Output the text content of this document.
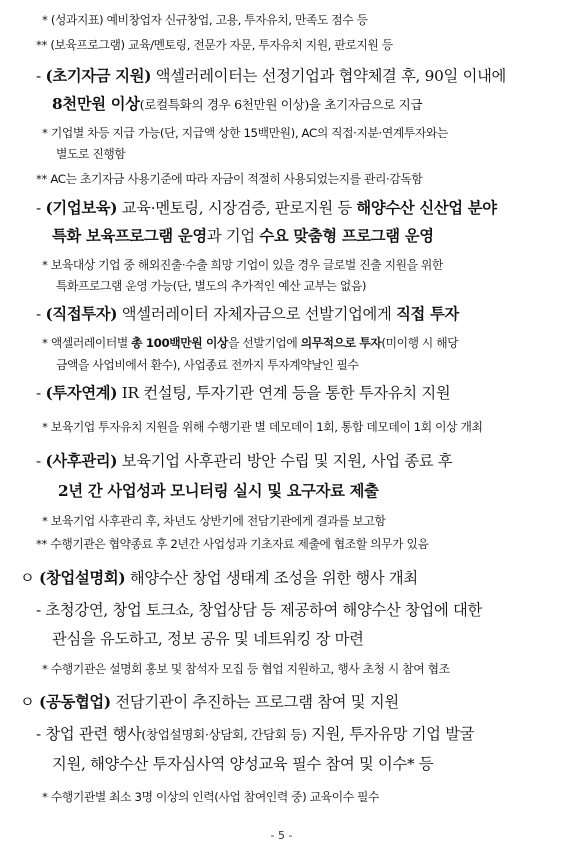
* (성과지표) 예비창업자 신규창업, 고용, 투자유치, 만족도 점수 등
** (보육프로그램) 교육/멘토링, 전문가 자문, 투자유치 지원, 판로지원 등
- (초기자금 지원) 액셀러레이터는 선정기업과 협약체결 후, 90일 이내에
8천만원 이상(로컬특화의 경우 6천만원 이상)을 초기자금으로 지급
* 기업별 차등 지급 가능(단, 지급액 상한 15백만원), AC의 직접·지분·연계투자와는
별도로 진행함
** AC는 초기자금 사용기준에 따라 자금이 적절히 사용되었는지를 관리·감독함
- (기업보육) 교육·멘토링, 시장검증, 판로지원 등 해양수산 신산업 분야
특화 보육프로그램 운영과 기업 수요 맞춤형 프로그램 운영
* 보육대상 기업 중 해외진출·수출 희망 기업이 있을 경우 글로벌 진출 지원을 위한
특화프로그램 운영 가능(단, 별도의 추가적인 예산 교부는 없음)
- (직접투자) 액셀러레이터 자체자금으로 선발기업에게 직접 투자
* 액셀러레이터별 총 100백만원 이상을 선발기업에 의무적으로 투자(미이행 시 해당
금액을 사업비에서 환수), 사업종료 전까지 투자계약날인 필수
- (투자연계) IR 컨설팅, 투자기관 연계 등을 통한 투자유치 지원
* 보육기업 투자유치 지원을 위해 수행기관 별 데모데이 1회, 통합 데모데이 1회 이상 개최
- (사후관리) 보육기업 사후관리 방안 수립 및 지원, 사업 종료 후
2년 간 사업성과 모니터링 실시 및 요구자료 제출
* 보육기업 사후관리 후, 차년도 상반기에 전담기관에게 결과를 보고함
** 수행기관은 협약종료 후 2년간 사업성과 기초자료 제출에 협조할 의무가 있음
ㅇ (창업설명회) 해양수산 창업 생태계 조성을 위한 행사 개최
- 초청강연, 창업 토크쇼, 창업상담 등 제공하여 해양수산 창업에 대한
관심을 유도하고, 정보 공유 및 네트워킹 장 마련
* 수행기관은 설명회 홍보 및 참석자 모집 등 협업 지원하고, 행사 초청 시 참여 협조
ㅇ (공동협업) 전담기관이 추진하는 프로그램 참여 및 지원
- 창업 관련 행사(창업설명회·상담회, 간담회 등) 지원, 투자유망 기업 발굴
지원, 해양수산 투자심사역 양성교육 필수 참여 및 이수* 등
* 수행기관별 최소 3명 이상의 인력(사업 참여인력 중) 교육이수 필수
- 5 -
